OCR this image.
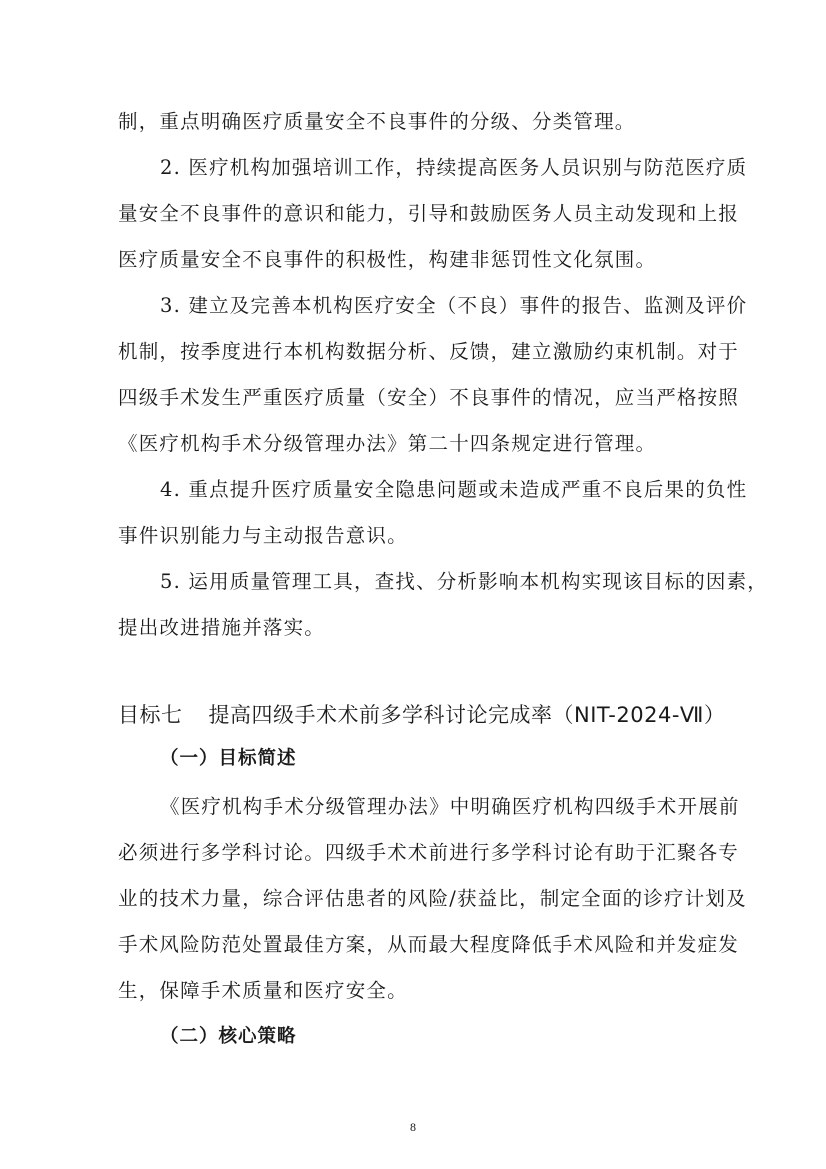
制，重点明确医疗质量安全不良事件的分级、分类管理。
2. 医疗机构加强培训工作，持续提高医务人员识别与防范医疗质
量安全不良事件的意识和能力，引导和鼓励医务人员主动发现和上报
医疗质量安全不良事件的积极性，构建非惩罚性文化氛围。
3. 建立及完善本机构医疗安全（不良）事件的报告、监测及评价
机制，按季度进行本机构数据分析、反馈，建立激励约束机制。对于
四级手术发生严重医疗质量（安全）不良事件的情况，应当严格按照
《医疗机构手术分级管理办法》第二十四条规定进行管理。
4. 重点提升医疗质量安全隐患问题或未造成严重不良后果的负性
事件识别能力与主动报告意识。
5. 运用质量管理工具，查找、分析影响本机构实现该目标的因素，
提出改进措施并落实。
目标七 提高四级手术术前多学科讨论完成率（NIT-2024-Ⅶ）
（一）目标简述
《医疗机构手术分级管理办法》中明确医疗机构四级手术开展前
必须进行多学科讨论。四级手术术前进行多学科讨论有助于汇聚各专
业的技术力量，综合评估患者的风险/获益比，制定全面的诊疗计划及
手术风险防范处置最佳方案，从而最大程度降低手术风险和并发症发
生，保障手术质量和医疗安全。
（二）核心策略
8
